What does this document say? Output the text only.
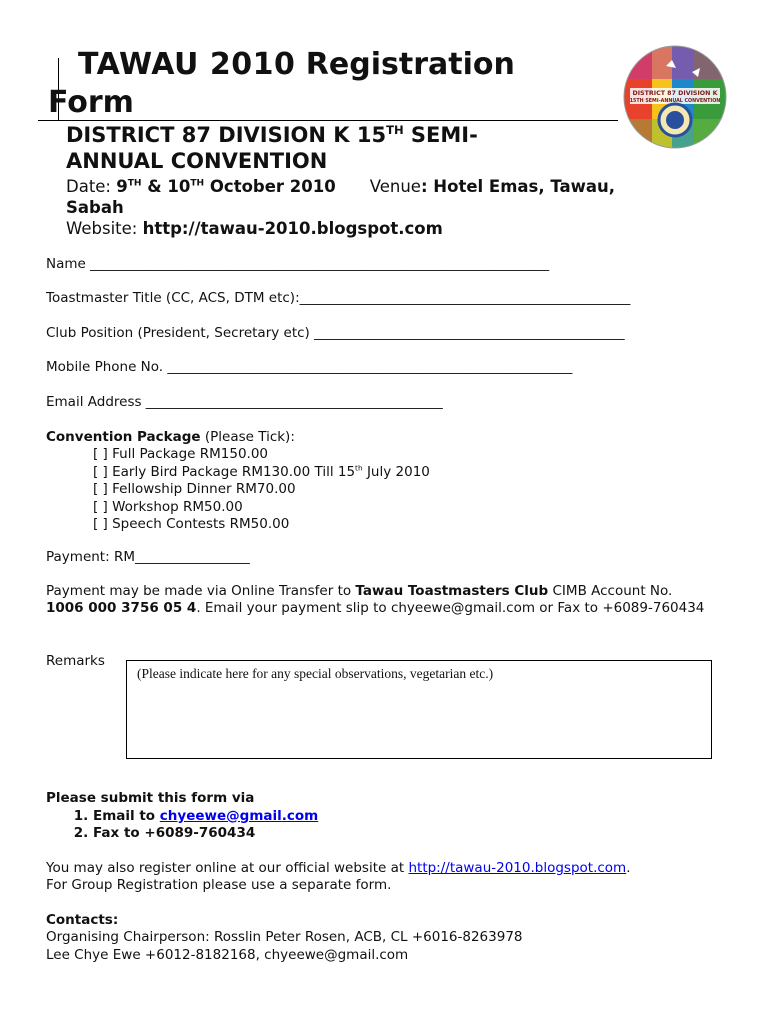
TAWAU 2010 Registration Form
DISTRICT 87 DIVISION K 15TH SEMI-
ANNUAL CONVENTION
Date: 9TH & 10TH October 2010 Venue: Hotel Emas, Tawau,
Sabah
Website: http://tawau-2010.blogspot.com
DISTRICT 87 DIVISION K
15TH SEMI-ANNUAL CONVENTION
Name ____________________________________________________________________
Toastmaster Title (CC, ACS, DTM etc):_________________________________________________
Club Position (President, Secretary etc) ______________________________________________
Mobile Phone No. ____________________________________________________________
Email Address ____________________________________________
Convention Package (Please Tick):
[ ] Full Package RM150.00
[ ] Early Bird Package RM130.00 Till 15th July 2010
[ ] Fellowship Dinner RM70.00
[ ] Workshop RM50.00
[ ] Speech Contests RM50.00
Payment: RM_________________
Payment may be made via Online Transfer to Tawau Toastmasters Club CIMB Account No.
1006 000 3756 05 4. Email your payment slip to chyeewe@gmail.com or Fax to +6089-760434
Remarks
(Please indicate here for any special observations, vegetarian etc.)
Please submit this form via
1. Email to chyeewe@gmail.com
2. Fax to +6089-760434
You may also register online at our official website at http://tawau-2010.blogspot.com.
For Group Registration please use a separate form.
Contacts:
Organising Chairperson: Rosslin Peter Rosen, ACB, CL +6016-8263978
Lee Chye Ewe +6012-8182168, chyeewe@gmail.com
